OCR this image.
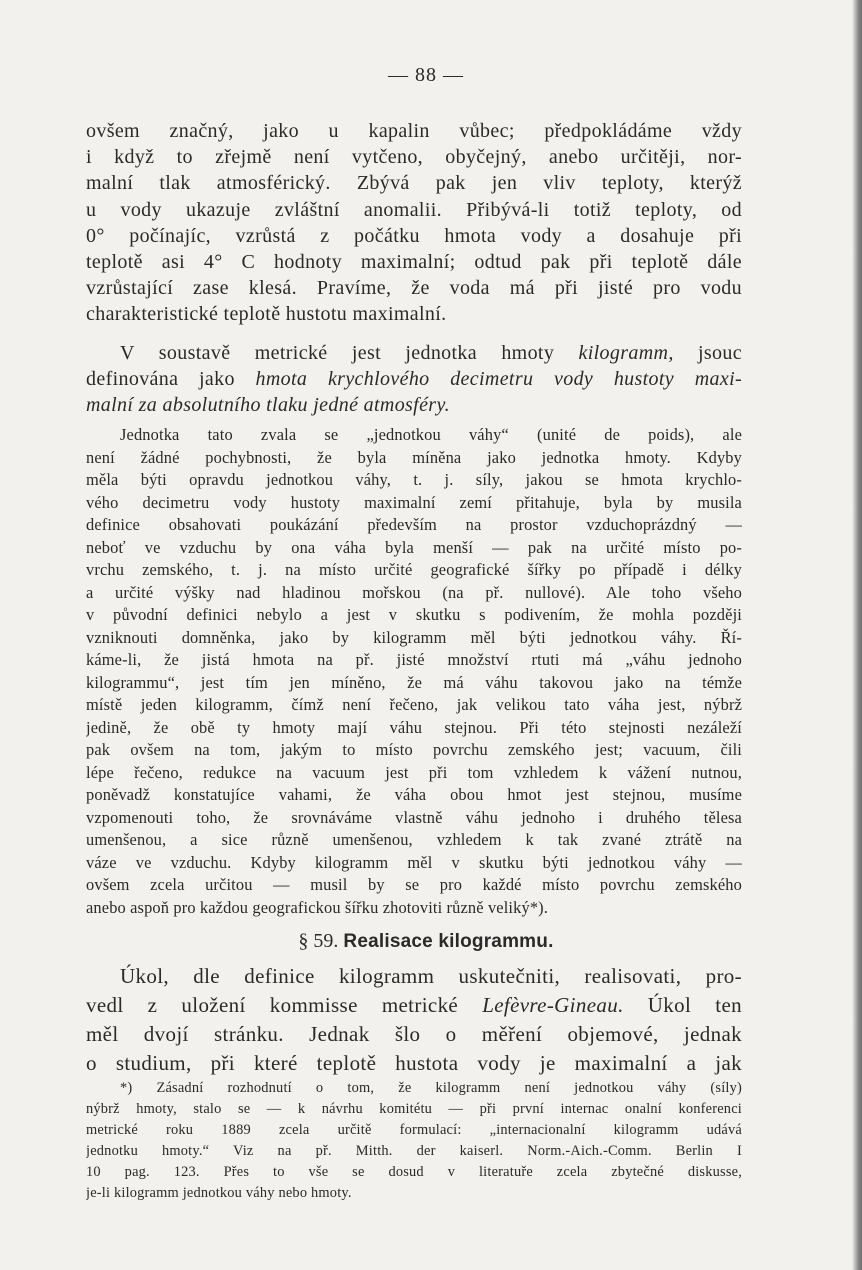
— 88 —
ovšem značný, jako u kapalin vůbec; předpokládáme vždy
i když to zřejmě není vytčeno, obyčejný, anebo určitěji, nor-
malní tlak atmosférický. Zbývá pak jen vliv teploty, kterýž
u vody ukazuje zvláštní anomalii. Přibývá-li totiž teploty, od
0° počínajíc, vzrůstá z počátku hmota vody a dosahuje při
teplotě asi 4° C hodnoty maximalní; odtud pak při teplotě dále
vzrůstající zase klesá. Pravíme, že voda má při jisté pro vodu
charakteristické teplotě hustotu maximalní.
V soustavě metrické jest jednotka hmoty kilogramm, jsouc
definována jako hmota krychlového decimetru vody hustoty maxi-
malní za absolutního tlaku jedné atmosféry.
Jednotka tato zvala se „jednotkou váhy“ (unité de poids), ale
není žádné pochybnosti, že byla míněna jako jednotka hmoty. Kdyby
měla býti opravdu jednotkou váhy, t. j. síly, jakou se hmota krychlo-
vého decimetru vody hustoty maximalní zemí přitahuje, byla by musila
definice obsahovati poukázání především na prostor vzduchoprázdný —
neboť ve vzduchu by ona váha byla menší — pak na určité místo po-
vrchu zemského, t. j. na místo určité geografické šířky po případě i délky
a určité výšky nad hladinou mořskou (na př. nullové). Ale toho všeho
v původní definici nebylo a jest v skutku s podivením, že mohla později
vzniknouti domněnka, jako by kilogramm měl býti jednotkou váhy. Ří-
káme-li, že jistá hmota na př. jisté množství rtuti má „váhu jednoho
kilogrammu“, jest tím jen míněno, že má váhu takovou jako na témže
místě jeden kilogramm, čímž není řečeno, jak velikou tato váha jest, nýbrž
jedině, že obě ty hmoty mají váhu stejnou. Při této stejnosti nezáleží
pak ovšem na tom, jakým to místo povrchu zemského jest; vacuum, čili
lépe řečeno, redukce na vacuum jest při tom vzhledem k vážení nutnou,
poněvadž konstatujíce vahami, že váha obou hmot jest stejnou, musíme
vzpomenouti toho, že srovnáváme vlastně váhu jednoho i druhého tělesa
umenšenou, a sice různě umenšenou, vzhledem k tak zvané ztrátě na
váze ve vzduchu. Kdyby kilogramm měl v skutku býti jednotkou váhy —
ovšem zcela určitou — musil by se pro každé místo povrchu zemského
anebo aspoň pro každou geografickou šířku zhotoviti různě veliký*).
§ 59. Realisace kilogrammu.
Úkol, dle definice kilogramm uskutečniti, realisovati, pro-
vedl z uložení kommisse metrické Lefèvre-Gineau. Úkol ten
měl dvojí stránku. Jednak šlo o měření objemové, jednak
o studium, při které teplotě hustota vody je maximalní a jak
*) Zásadní rozhodnutí o tom, že kilogramm není jednotkou váhy (síly)
nýbrž hmoty, stalo se — k návrhu komitétu — při první internac onalní konferenci
metrické roku 1889 zcela určitě formulací: „internacionalní kilogramm udává
jednotku hmoty.“ Viz na př. Mitth. der kaiserl. Norm.-Aich.-Comm. Berlin I
10 pag. 123. Přes to vše se dosud v literatuře zcela zbytečné diskusse,
je-li kilogramm jednotkou váhy nebo hmoty.
